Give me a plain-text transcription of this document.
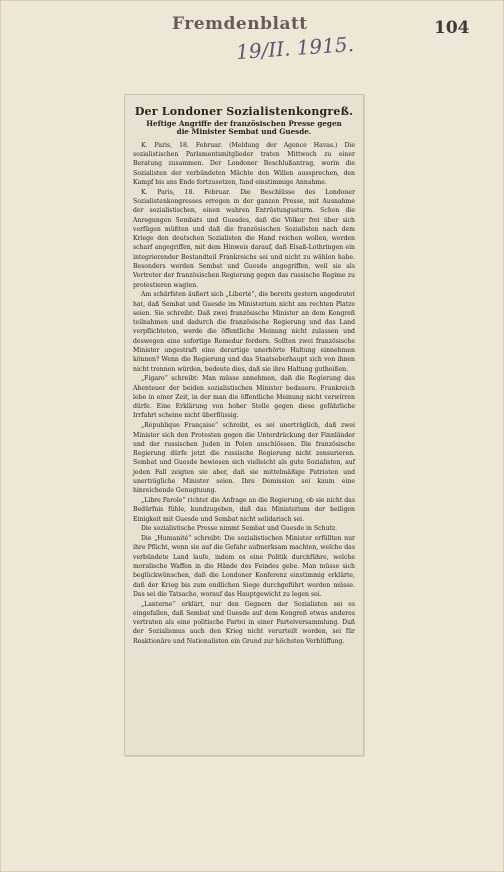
Fremdenblatt	104
19/II. 1915.
Der Londoner Sozialistenkongreß.
Heftige Angriffe der französischen Presse gegen die Minister Sembat und Guesde.

K. Paris, 18. Februar. (Meldung der Agence Havas.) Die sozialistischen Parlamentsmitglieder traten Mittwoch zu einer Beratung zusammen. Der Londoner Beschlußantrag, worin die Sozialisten der verbündeten Mächte den Willen aussprechen, den Kampf bis ans Ende fortzusetzen, fand einstimmige Annahme.

K. Paris, 18. Februar. Die Beschlüsse des Londoner Sozialistenkongresses erregen in der ganzen Presse, mit Ausnahme der sozialistischen, einen wahren Entrüstungssturm. Schon die Anregungen Sembats und Guesdes, daß die Völker frei über sich verfügen müßten und daß die französischen Sozialisten nach dem Kriege den deutschen Sozialisten die Hand reichen wollen, werden scharf angegriffen, mit dem Hinweis darauf, daß Elsaß-Lothringen ein integrierender Bestandteil Frankreichs sei und nicht zu wählen habe. Besonders werden Sembat und Guesde angegriffen, weil sie als Vertreter der französischen Regierung gegen das russische Regime zu protestieren wagten.

Am schärfsten äußert sich „Liberté“, die bereits gestern angedeutet hat, daß Sembat und Guesde im Ministerium nicht am rechten Platze seien. Sie schreibt: Daß zwei französische Minister an dem Kongreß teilnahmen und dadurch die französische Regierung und das Land verpflichteten, werde die öffentliche Meinung nicht zulassen und deswegen eine sofortige Remedur fordern. Sollten zwei französische Minister ungestraft eine derartige unerhörte Haltung einnehmen können? Wenn die Regierung und das Staatsoberhaupt sich von ihnen nicht trennen würden, bedeute dies, daß sie ihre Haltung gutheißen.

„Figaro“ schreibt: Man müsse annehmen, daß die Regierung das Abenteuer der beiden sozialistischen Minister bedauere. Frankreich lebe in einer Zeit, in der man die öffentliche Meinung nicht verwirren dürfe. Eine Erklärung von hoher Stelle gegen diese gefährliche Irrfahrt scheine nicht überflüssig.

„République Française“ schreibt, es sei unerträglich, daß zwei Minister sich den Protesten gegen die Unterdrückung der Finnländer und der russischen Juden in Polen anschlössen. Die französische Regierung dürfe jetzt die russische Regierung nicht zensurieren. Sembat und Guesde bewiesen sich vielleicht als gute Sozialisten, auf jeden Fall zeigten sie aber, daß sie mittelmäßige Patrioten und unerträgliche Minister seien. Ihre Demission sei kaum eine hinreichende Genugtuung.

„Libre Parole“ richtet die Anfrage an die Regierung, ob sie nicht das Bedürfnis fühle, kundzugeben, daß das Ministerium der heiligen Einigkeit mit Guesde und Sembat nicht solidarisch sei.

Die sozialistische Presse nimmt Sembat und Guesde in Schutz.

Die „Humanité“ schreibt: Die sozialistischen Minister erfüllten nur ihre Pflicht, wenn sie auf die Gefahr aufmerksam machten, welche das verbündete Land laufe, indem es eine Politik durchführe, welche moralische Waffen in die Hände des Feindes gebe. Man müsse sich beglückwünschen, daß die Londoner Konferenz einstimmig erklärte, daß der Krieg bis zum endlichen Siege durchgeführt werden müsse. Das sei die Tatsache, worauf das Hauptgewicht zu legen sei.

„Lanterne“ erklärt, nur den Gegnern der Sozialisten sei es eingefallen, daß Sembat und Guesde auf dem Kongreß etwas anderes vertraten als eine politische Partei in einer Parteiversammlung. Daß der Sozialismus auch den Krieg nicht verurteilt worden, sei für Reaktionäre und Nationalisten ein Grund zur höchsten Verblüffung.
